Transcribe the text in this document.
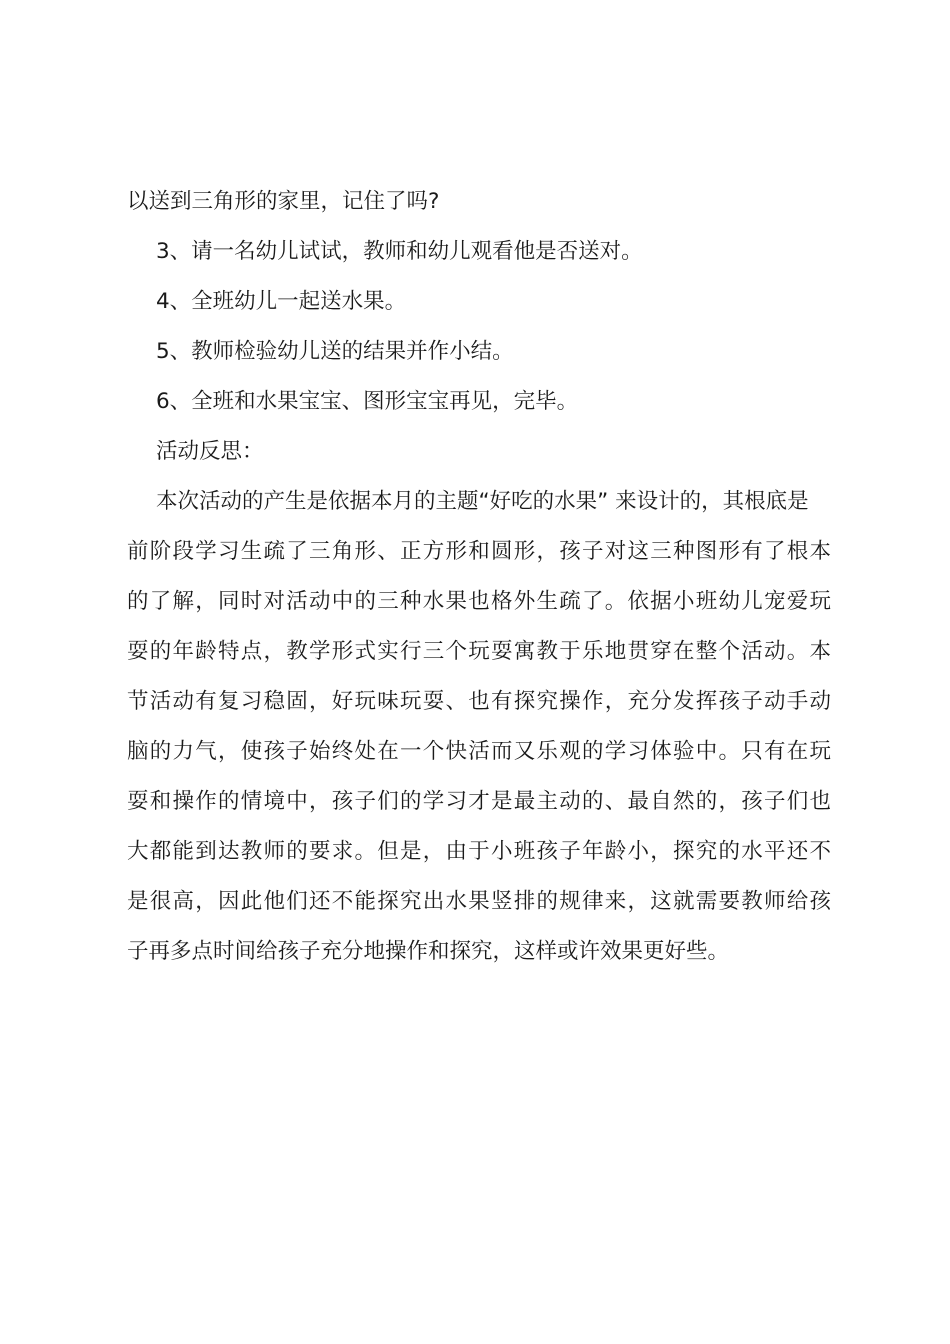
以送到三角形的家里，记住了吗?
3、请一名幼儿试试，教师和幼儿观看他是否送对。
4、全班幼儿一起送水果。
5、教师检验幼儿送的结果并作小结。
6、全班和水果宝宝、图形宝宝再见，完毕。
活动反思：
本次活动的产生是依据本月的主题“好吃的水果” 来设计的，其根底是
前阶段学习生疏了三角形、正方形和圆形，孩子对这三种图形有了根本
的了解，同时对活动中的三种水果也格外生疏了。依据小班幼儿宠爱玩
耍的年龄特点，教学形式实行三个玩耍寓教于乐地贯穿在整个活动。本
节活动有复习稳固，好玩味玩耍、也有探究操作，充分发挥孩子动手动
脑的力气，使孩子始终处在一个快活而又乐观的学习体验中。只有在玩
耍和操作的情境中，孩子们的学习才是最主动的、最自然的，孩子们也
大都能到达教师的要求。但是，由于小班孩子年龄小，探究的水平还不
是很高，因此他们还不能探究出水果竖排的规律来，这就需要教师给孩
子再多点时间给孩子充分地操作和探究，这样或许效果更好些。
